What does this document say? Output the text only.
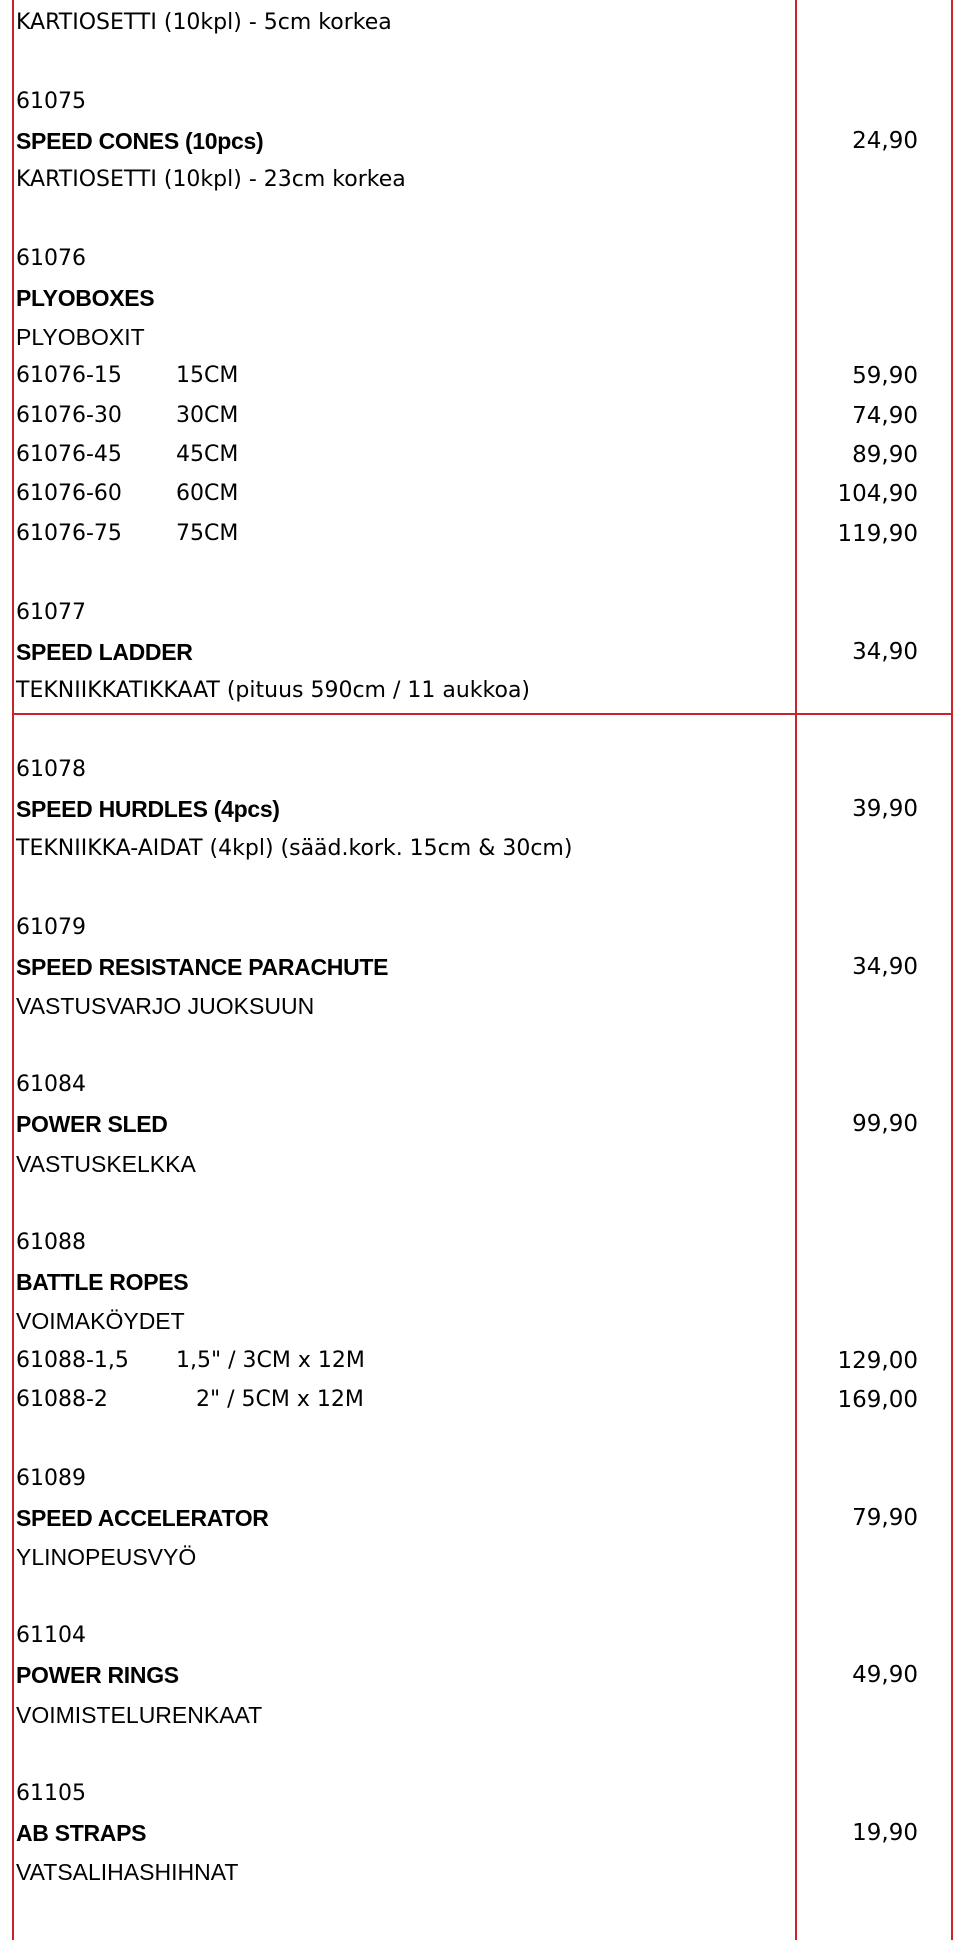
KARTIOSETTI (10kpl) - 5cm korkea
61075
SPEED CONES (10pcs)	24,90
KARTIOSETTI (10kpl) - 23cm korkea
61076
PLYOBOXES
PLYOBOXIT
61076-15 15CM	59,90
61076-30 30CM	74,90
61076-45 45CM	89,90
61076-60 60CM	104,90
61076-75 75CM	119,90
61077
SPEED LADDER	34,90
TEKNIIKKATIKKAAT (pituus 590cm / 11 aukkoa)
61078
SPEED HURDLES (4pcs)	39,90
TEKNIIKKA-AIDAT (4kpl) (sääd.kork. 15cm & 30cm)
61079
SPEED RESISTANCE PARACHUTE	34,90
VASTUSVARJO JUOKSUUN
61084
POWER SLED	99,90
VASTUSKELKKA
61088
BATTLE ROPES
VOIMAKÖYDET
61088-1,5 1,5" / 3CM x 12M	129,00
61088-2	2" / 5CM x 12M	169,00
61089
SPEED ACCELERATOR	79,90
YLINOPEUSVYÖ
61104
POWER RINGS	49,90
VOIMISTELURENKAAT
61105
AB STRAPS	19,90
VATSALIHASHIHNAT
